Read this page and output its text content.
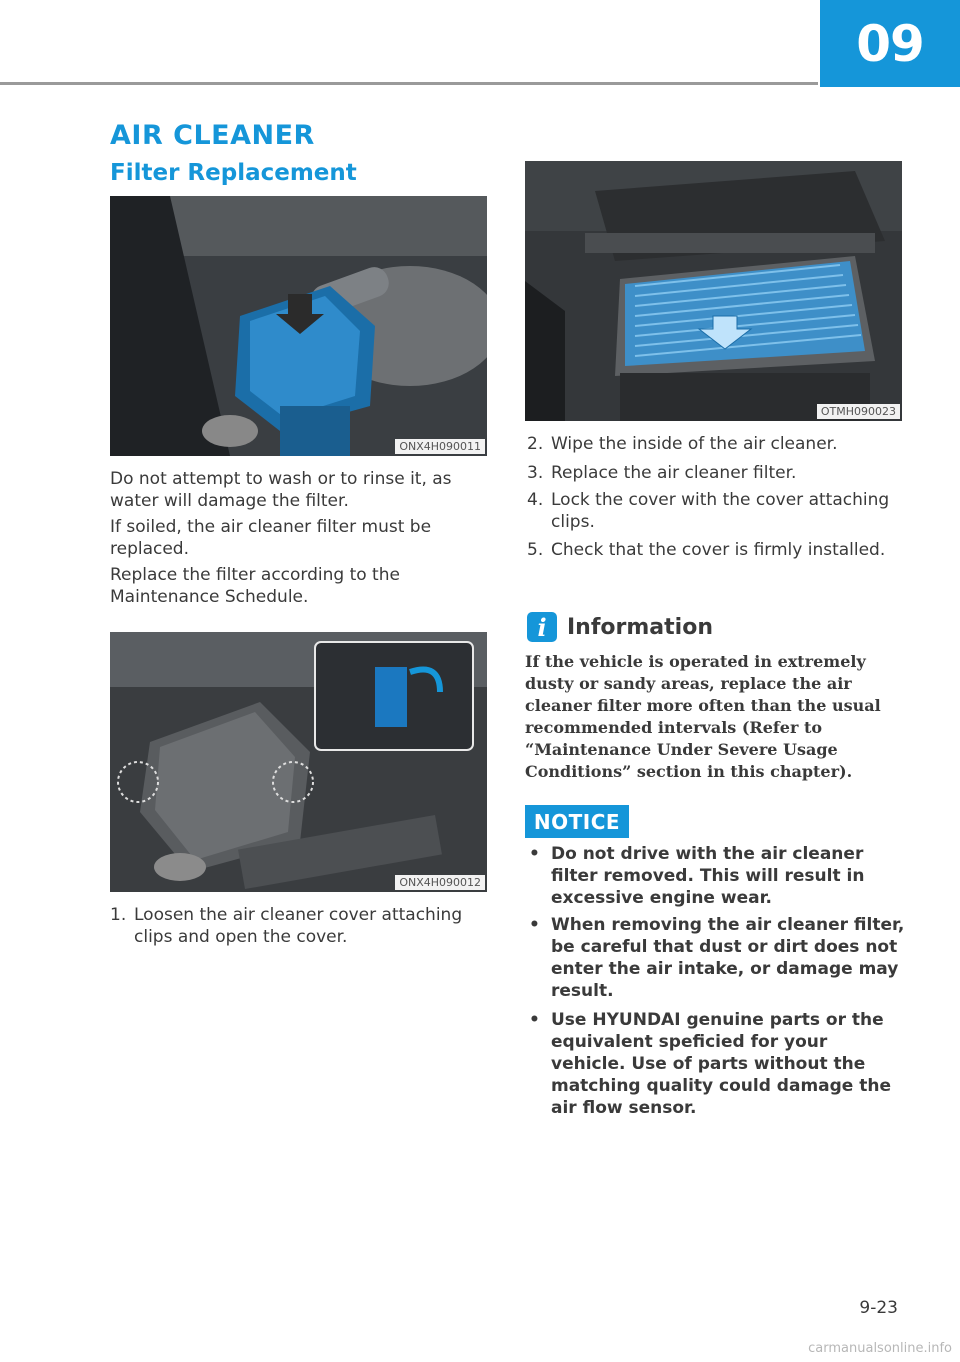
09
AIR CLEANER
Filter Replacement
ONX4H090011

Do not attempt to wash or to rinse it, as water will damage the filter.

If soiled, the air cleaner filter must be replaced.

Replace the filter according to the Maintenance Schedule.

ONX4H090012

1. Loosen the air cleaner cover attaching clips and open the cover.

OTMH090023

2. Wipe the inside of the air cleaner.

3. Replace the air cleaner filter.

4. Lock the cover with the cover attaching clips.

5. Check that the cover is firmly installed.

i Information

If the vehicle is operated in extremely dusty or sandy areas, replace the air cleaner filter more often than the usual recommended intervals (Refer to “Maintenance Under Severe Usage Conditions” section in this chapter).

NOTICE

• Do not drive with the air cleaner filter removed. This will result in excessive engine wear.

• When removing the air cleaner filter, be careful that dust or dirt does not enter the air intake, or damage may result.

• Use HYUNDAI genuine parts or the equivalent speficied for your vehicle. Use of parts without the matching quality could damage the air flow sensor.

9-23
carmanualsonline.info
